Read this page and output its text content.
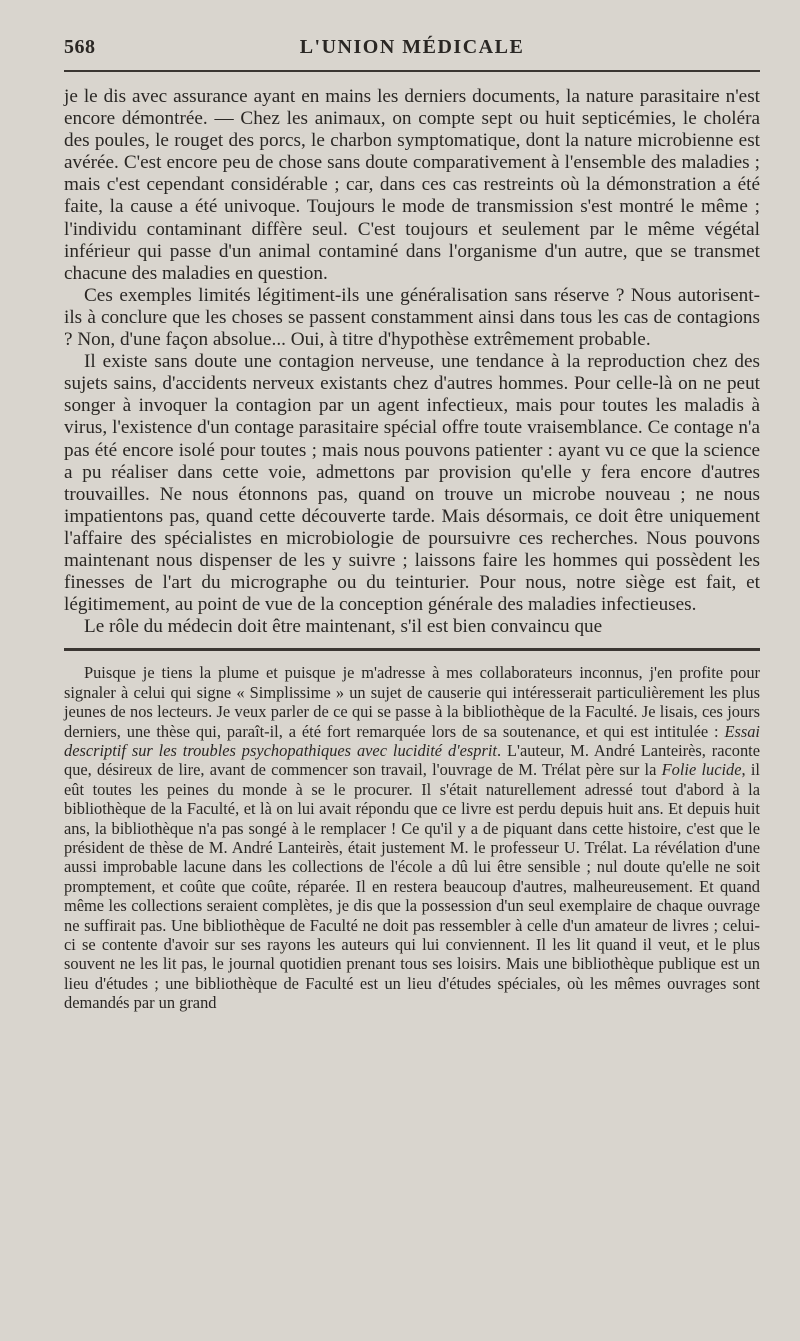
568	L'UNION MÉDICALE

je le dis avec assurance ayant en mains les derniers documents, la nature parasitaire n'est encore démontrée. — Chez les animaux, on compte sept ou huit septicémies, le choléra des poules, le rouget des porcs, le charbon symptomatique, dont la nature microbienne est avérée. C'est encore peu de chose sans doute comparativement à l'ensemble des maladies ; mais c'est cependant considérable ; car, dans ces cas restreints où la démonstration a été faite, la cause a été univoque. Toujours le mode de transmission s'est montré le même ; l'individu contaminant diffère seul. C'est toujours et seulement par le même végétal inférieur qui passe d'un animal contaminé dans l'organisme d'un autre, que se transmet chacune des maladies en question.

Ces exemples limités légitiment-ils une généralisation sans réserve ? Nous autorisent-ils à conclure que les choses se passent constamment ainsi dans tous les cas de contagions ? Non, d'une façon absolue... Oui, à titre d'hypothèse extrêmement probable.

Il existe sans doute une contagion nerveuse, une tendance à la reproduction chez des sujets sains, d'accidents nerveux existants chez d'autres hommes. Pour celle-là on ne peut songer à invoquer la contagion par un agent infectieux, mais pour toutes les maladis à virus, l'existence d'un contage parasitaire spécial offre toute vraisemblance. Ce contage n'a pas été encore isolé pour toutes ; mais nous pouvons patienter : ayant vu ce que la science a pu réaliser dans cette voie, admettons par provision qu'elle y fera encore d'autres trouvailles. Ne nous étonnons pas, quand on trouve un microbe nouveau ; ne nous impatientons pas, quand cette découverte tarde. Mais désormais, ce doit être uniquement l'affaire des spécialistes en microbiologie de poursuivre ces recherches. Nous pouvons maintenant nous dispenser de les y suivre ; laissons faire les hommes qui possèdent les finesses de l'art du micrographe ou du teinturier. Pour nous, notre siège est fait, et légitimement, au point de vue de la conception générale des maladies infectieuses.

Le rôle du médecin doit être maintenant, s'il est bien convaincu que

Puisque je tiens la plume et puisque je m'adresse à mes collaborateurs inconnus, j'en profite pour signaler à celui qui signe « Simplissime » un sujet de causerie qui intéresserait particulièrement les plus jeunes de nos lecteurs. Je veux parler de ce qui se passe à la bibliothèque de la Faculté. Je lisais, ces jours derniers, une thèse qui, paraît-il, a été fort remarquée lors de sa soutenance, et qui est intitulée : Essai descriptif sur les troubles psychopathiques avec lucidité d'esprit. L'auteur, M. André Lanteirès, raconte que, désireux de lire, avant de commencer son travail, l'ouvrage de M. Trélat père sur la Folie lucide, il eût toutes les peines du monde à se le procurer. Il s'était naturellement adressé tout d'abord à la bibliothèque de la Faculté, et là on lui avait répondu que ce livre est perdu depuis huit ans. Et depuis huit ans, la bibliothèque n'a pas songé à le remplacer ! Ce qu'il y a de piquant dans cette histoire, c'est que le président de thèse de M. André Lanteirès, était justement M. le professeur U. Trélat. La révélation d'une aussi improbable lacune dans les collections de l'école a dû lui être sensible ; nul doute qu'elle ne soit promptement, et coûte que coûte, réparée. Il en restera beaucoup d'autres, malheureusement. Et quand même les collections seraient complètes, je dis que la possession d'un seul exemplaire de chaque ouvrage ne suffirait pas. Une bibliothèque de Faculté ne doit pas ressembler à celle d'un amateur de livres ; celui-ci se contente d'avoir sur ses rayons les auteurs qui lui conviennent. Il les lit quand il veut, et le plus souvent ne les lit pas, le journal quotidien prenant tous ses loisirs. Mais une bibliothèque publique est un lieu d'études ; une bibliothèque de Faculté est un lieu d'études spéciales, où les mêmes ouvrages sont demandés par un grand
